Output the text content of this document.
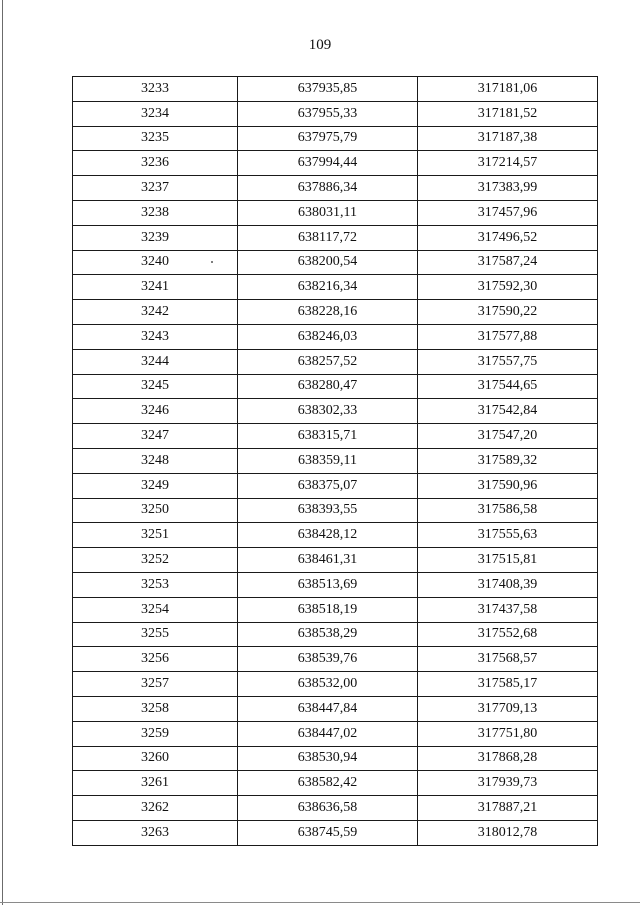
109
3233	637935,85	317181,06
3234	637955,33	317181,52
3235	637975,79	317187,38
3236	637994,44	317214,57
3237	637886,34	317383,99
3238	638031,11	317457,96
3239	638117,72	317496,52
3240	638200,54	317587,24
3241	638216,34	317592,30
3242	638228,16	317590,22
3243	638246,03	317577,88
3244	638257,52	317557,75
3245	638280,47	317544,65
3246	638302,33	317542,84
3247	638315,71	317547,20
3248	638359,11	317589,32
3249	638375,07	317590,96
3250	638393,55	317586,58
3251	638428,12	317555,63
3252	638461,31	317515,81
3253	638513,69	317408,39
3254	638518,19	317437,58
3255	638538,29	317552,68
3256	638539,76	317568,57
3257	638532,00	317585,17
3258	638447,84	317709,13
3259	638447,02	317751,80
3260	638530,94	317868,28
3261	638582,42	317939,73
3262	638636,58	317887,21
3263	638745,59	318012,78
